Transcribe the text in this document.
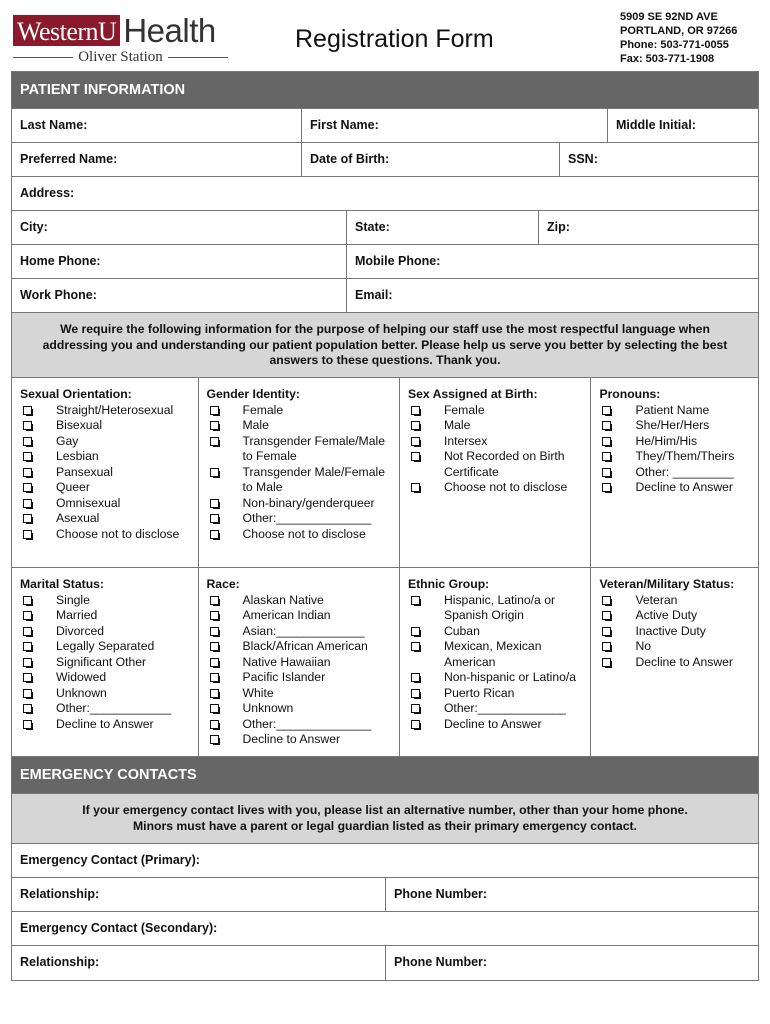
WesternU Health
Oliver Station
Registration Form
5909 SE 92ND AVE
PORTLAND, OR 97266
Phone: 503-771-0055
Fax: 503-771-1908
PATIENT INFORMATION
Last Name:	First Name:	Middle Initial:
Preferred Name:	Date of Birth:	SSN:
Address:
City:	State:	Zip:
Home Phone:	Mobile Phone:
Work Phone:	Email:
We require the following information for the purpose of helping our staff use the most respectful language when addressing you and understanding our patient population better. Please help us serve you better by selecting the best answers to these questions. Thank you.
Sexual Orientation:
Straight/Heterosexual
Bisexual
Gay
Lesbian
Pansexual
Queer
Omnisexual
Asexual
Choose not to disclose
Gender Identity:
Female
Male
Transgender Female/Male to Female
Transgender Male/Female to Male
Non-binary/genderqueer
Other:______________
Choose not to disclose
Sex Assigned at Birth:
Female
Male
Intersex
Not Recorded on Birth Certificate
Choose not to disclose
Pronouns:
Patient Name
She/Her/Hers
He/Him/His
They/Them/Theirs
Other: _________
Decline to Answer
Marital Status:
Single
Married
Divorced
Legally Separated
Significant Other
Widowed
Unknown
Other:____________
Decline to Answer
Race:
Alaskan Native
American Indian
Asian:_____________
Black/African American
Native Hawaiian
Pacific Islander
White
Unknown
Other:______________
Decline to Answer
Ethnic Group:
Hispanic, Latino/a or Spanish Origin
Cuban
Mexican, Mexican American
Non-hispanic or Latino/a
Puerto Rican
Other:_____________
Decline to Answer
Veteran/Military Status:
Veteran
Active Duty
Inactive Duty
No
Decline to Answer
EMERGENCY CONTACTS
If your emergency contact lives with you, please list an alternative number, other than your home phone.
Minors must have a parent or legal guardian listed as their primary emergency contact.
Emergency Contact (Primary):
Relationship:	Phone Number:
Emergency Contact (Secondary):
Relationship:	Phone Number:
